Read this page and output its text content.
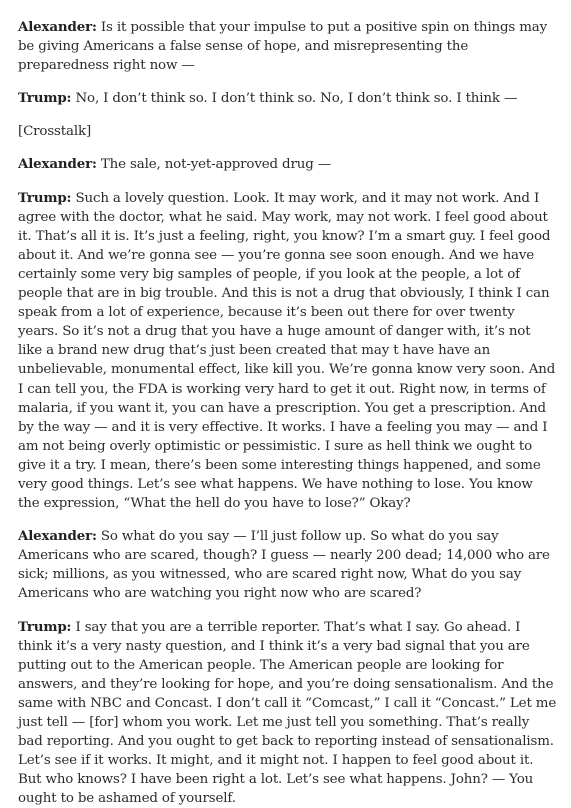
Alexander: Is it possible that your impulse to put a positive spin on things may be giving Americans a false sense of hope, and misrepresenting the preparedness right now —

Trump: No, I don’t think so. I don’t think so. No, I don’t think so. I think —

[Crosstalk]

Alexander: The sale, not-yet-approved drug —

Trump: Such a lovely question. Look. It may work, and it may not work. And I agree with the doctor, what he said. May work, may not work. I feel good about it. That’s all it is. It’s just a feeling, right, you know? I’m a smart guy. I feel good about it. And we’re gonna see — you’re gonna see soon enough. And we have certainly some very big samples of people, if you look at the people, a lot of people that are in big trouble. And this is not a drug that obviously, I think I can speak from a lot of experience, because it’s been out there for over twenty years. So it’s not a drug that you have a huge amount of danger with, it’s not like a brand new drug that’s just been created that may t have have an unbelievable, monumental effect, like kill you. We’re gonna know very soon. And I can tell you, the FDA is working very hard to get it out. Right now, in terms of malaria, if you want it, you can have a prescription. You get a prescription. And by the way — and it is very effective. It works. I have a feeling you may — and I am not being overly optimistic or pessimistic. I sure as hell think we ought to give it a try. I mean, there’s been some interesting things happened, and some very good things. Let’s see what happens. We have nothing to lose. You know the expression, “What the hell do you have to lose?” Okay?

Alexander: So what do you say — I’ll just follow up. So what do you say Americans who are scared, though? I guess — nearly 200 dead; 14,000 who are sick; millions, as you witnessed, who are scared right now, What do you say Americans who are watching you right now who are scared?

Trump: I say that you are a terrible reporter. That’s what I say. Go ahead. I think it’s a very nasty question, and I think it’s a very bad signal that you are putting out to the American people. The American people are looking for answers, and they’re looking for hope, and you’re doing sensationalism. And the same with NBC and Concast. I don’t call it “Comcast,” I call it “Concast.” Let me just tell — [for] whom you work. Let me just tell you something. That’s really bad reporting. And you ought to get back to reporting instead of sensationalism. Let’s see if it works. It might, and it might not. I happen to feel good about it. But who knows? I have been right a lot. Let’s see what happens. John? — You ought to be ashamed of yourself.
